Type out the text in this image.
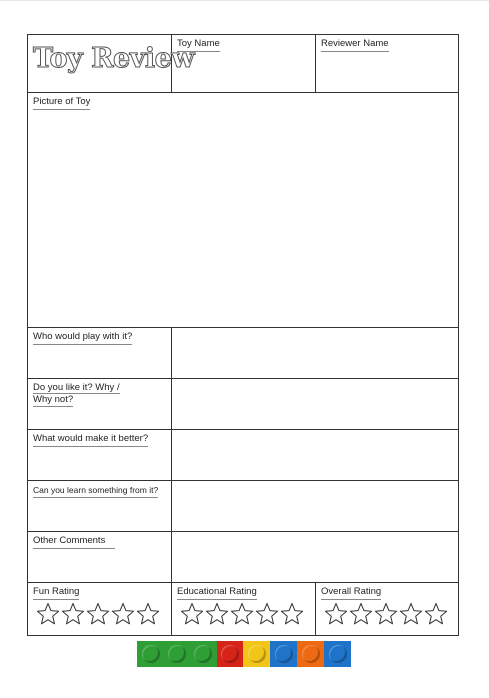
Toy Review
Toy Name	Reviewer Name
Picture of Toy
Who would play with it?
Do you like it? Why /
Why not?
What would make it better?
Can you learn something from it?
Other Comments
Fun Rating	Educational Rating	Overall Rating
